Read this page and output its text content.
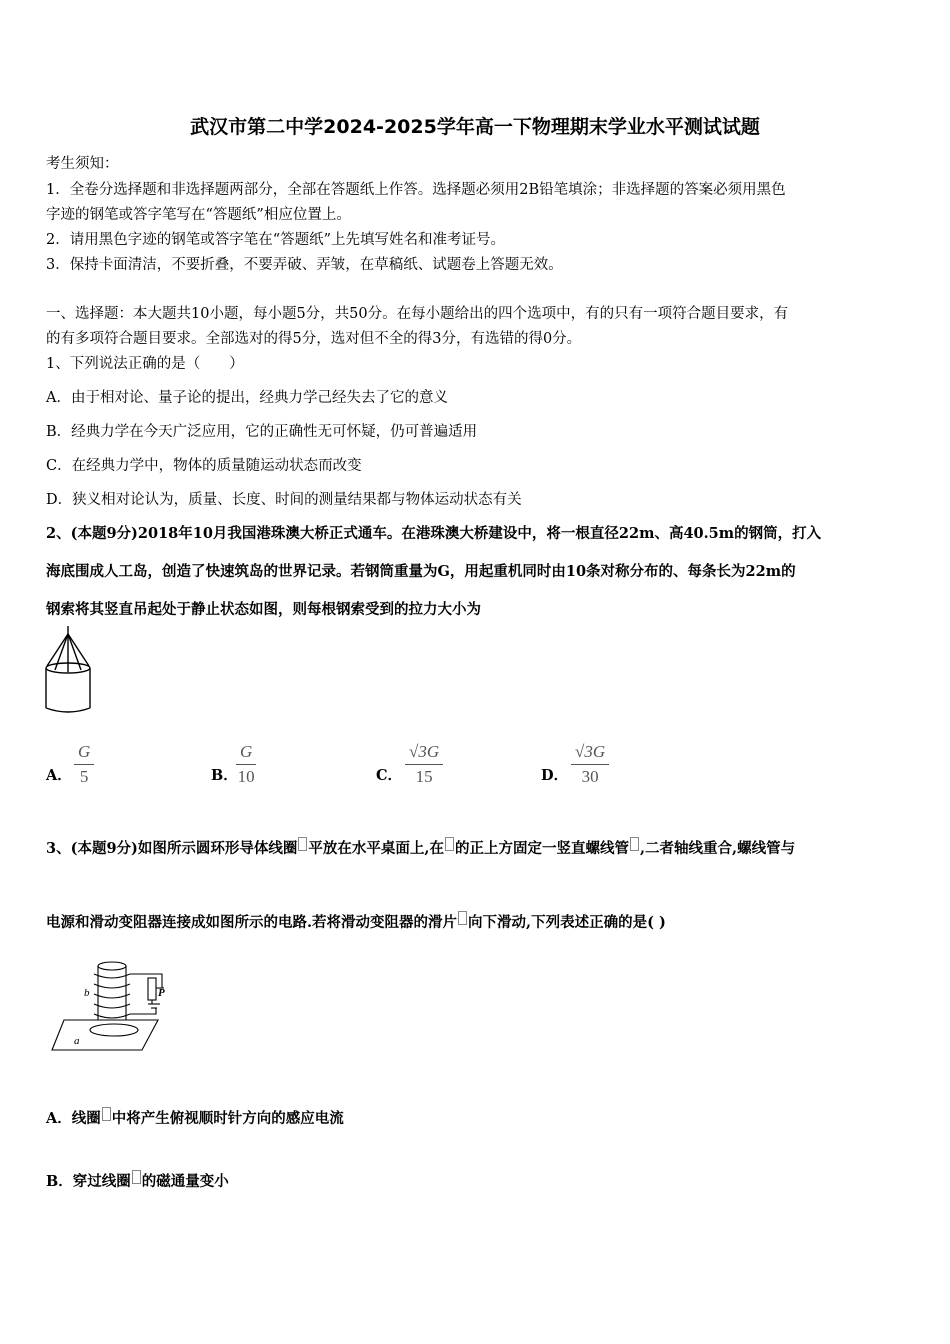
武汉市第二中学2024-2025学年高一下物理期末学业水平测试试题
考生须知：
1．全卷分选择题和非选择题两部分，全部在答题纸上作答。选择题必须用2B铅笔填涂；非选择题的答案必须用黑色
字迹的钢笔或答字笔写在“答题纸”相应位置上。
2．请用黑色字迹的钢笔或答字笔在“答题纸”上先填写姓名和准考证号。
3．保持卡面清洁，不要折叠，不要弄破、弄皱，在草稿纸、试题卷上答题无效。
一、选择题：本大题共10小题，每小题5分，共50分。在每小题给出的四个选项中，有的只有一项符合题目要求，有
的有多项符合题目要求。全部选对的得5分，选对但不全的得3分，有选错的得0分。
1、下列说法正确的是（　　）
A．由于相对论、量子论的提出，经典力学己经失去了它的意义
B．经典力学在今天广泛应用，它的正确性无可怀疑，仍可普遍适用
C．在经典力学中，物体的质量随运动状态而改变
D．狭义相对论认为，质量、长度、时间的测量结果都与物体运动状态有关
2、(本题9分)2018年10月我国港珠澳大桥正式通车。在港珠澳大桥建设中，将一根直径22m、高40.5m的钢筒，打入
海底围成人工岛，创造了快速筑岛的世界记录。若钢筒重量为G，用起重机同时由10条对称分布的、每条长为22m的
钢索将其竖直吊起处于静止状态如图，则每根钢索受到的拉力大小为
A． $\frac{G}{5}$	B．
$\frac{G}{10}$	C． $\frac{√3G}{15}$	D． $\frac{√3G}{30}$
3、(本题9分)如图所示圆环形导体线圈 平放在水平桌面上,在 的正上方固定一竖直螺线管 ,二者轴线重合,螺线管与
电源和滑动变阻器连接成如图所示的电路.若将滑动变阻器的滑片 向下滑动,下列表述正确的是( )
b	P
a
A．线圈 中将产生俯视顺时针方向的感应电流
B．穿过线圈 的磁通量变小
